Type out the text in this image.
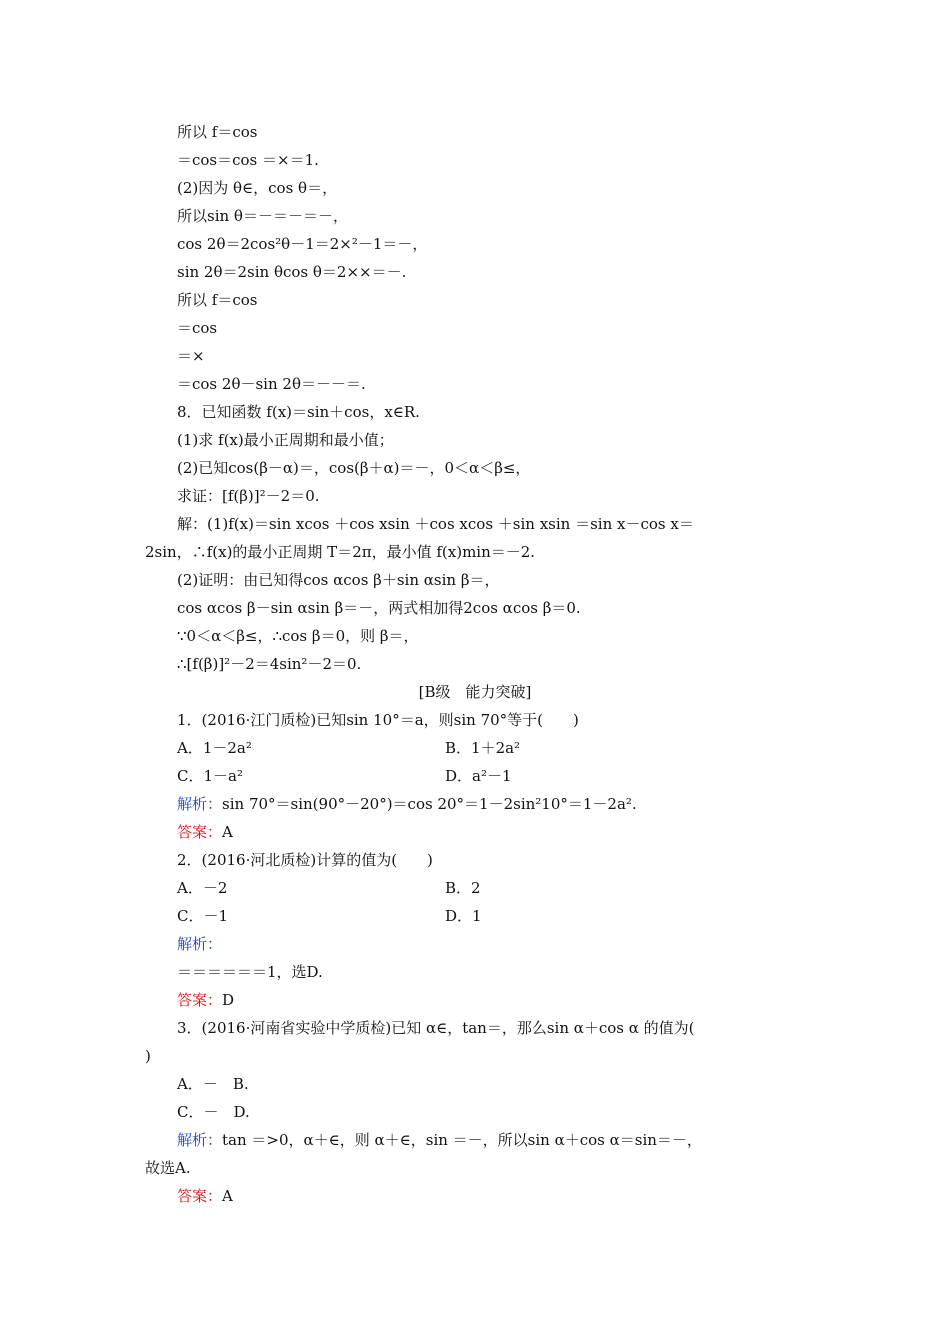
所以 f＝cos
＝cos＝cos ＝×＝1.
(2)因为 θ∈，cos θ＝，
所以sin θ＝－＝－＝－，
cos 2θ＝2cos²θ－1＝2×²－1＝－，
sin 2θ＝2sin θcos θ＝2××＝－.
所以 f＝cos
＝cos
＝×
＝cos 2θ－sin 2θ＝－－＝.
8．已知函数 f(x)＝sin＋cos，x∈R.
(1)求 f(x)最小正周期和最小值；
(2)已知cos(β－α)＝，cos(β＋α)＝－，0＜α＜β≤，
求证：[f(β)]²－2＝0.
解：(1)f(x)＝sin xcos ＋cos xsin ＋cos xcos ＋sin xsin ＝sin x－cos x＝
2sin，∴f(x)的最小正周期 T＝2π，最小值 f(x)min＝－2.
(2)证明：由已知得cos αcos β＋sin αsin β＝，
cos αcos β－sin αsin β＝－，两式相加得2cos αcos β＝0.
∵0＜α＜β≤，∴cos β＝0，则 β＝，
∴[f(β)]²－2＝4sin²－2＝0.
[B级　能力突破]
1．(2016·江门质检)已知sin 10°＝a，则sin 70°等于(　　)
A．1－2a²	B．1＋2a²
C．1－a²	D．a²－1
解析：sin 70°＝sin(90°－20°)＝cos 20°＝1－2sin²10°＝1－2a².
答案：A
2．(2016·河北质检)计算的值为(　　)
A．－2	B．2
C．－1	D．1
解析：
＝＝＝＝＝＝1，选D.
答案：D
3．(2016·河南省实验中学质检)已知 α∈，tan＝，那么sin α＋cos α 的值为(
)
A．－　B.
C．－　D.
解析：tan ＝>0，α＋∈，则 α＋∈，sin ＝－，所以sin α＋cos α＝sin＝－，
故选A.
答案：A
